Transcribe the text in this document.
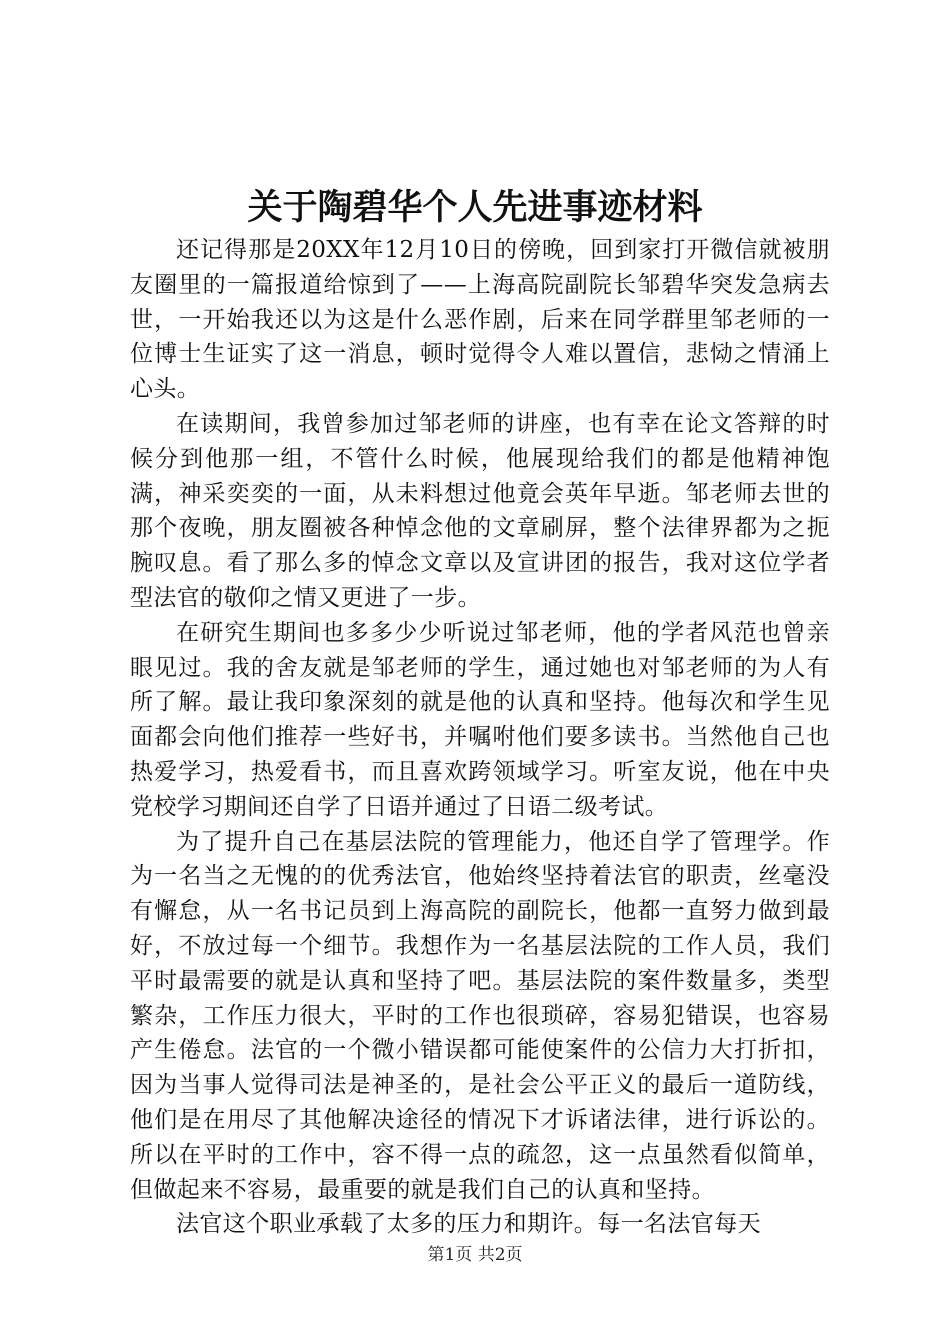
关于陶碧华个人先进事迹材料

还记得那是20XX年12月10日的傍晚，回到家打开微信就被朋友圈里的一篇报道给惊到了——上海高院副院长邹碧华突发急病去世，一开始我还以为这是什么恶作剧，后来在同学群里邹老师的一位博士生证实了这一消息，顿时觉得令人难以置信，悲恸之情涌上心头。

在读期间，我曾参加过邹老师的讲座，也有幸在论文答辩的时候分到他那一组，不管什么时候，他展现给我们的都是他精神饱满，神采奕奕的一面，从未料想过他竟会英年早逝。邹老师去世的那个夜晚，朋友圈被各种悼念他的文章刷屏，整个法律界都为之扼腕叹息。看了那么多的悼念文章以及宣讲团的报告，我对这位学者型法官的敬仰之情又更进了一步。

在研究生期间也多多少少听说过邹老师，他的学者风范也曾亲眼见过。我的舍友就是邹老师的学生，通过她也对邹老师的为人有所了解。最让我印象深刻的就是他的认真和坚持。他每次和学生见面都会向他们推荐一些好书，并嘱咐他们要多读书。当然他自己也热爱学习，热爱看书，而且喜欢跨领域学习。听室友说，他在中央党校学习期间还自学了日语并通过了日语二级考试。

为了提升自己在基层法院的管理能力，他还自学了管理学。作为一名当之无愧的的优秀法官，他始终坚持着法官的职责，丝毫没有懈怠，从一名书记员到上海高院的副院长，他都一直努力做到最好，不放过每一个细节。我想作为一名基层法院的工作人员，我们平时最需要的就是认真和坚持了吧。基层法院的案件数量多，类型繁杂，工作压力很大，平时的工作也很琐碎，容易犯错误，也容易产生倦怠。法官的一个微小错误都可能使案件的公信力大打折扣，因为当事人觉得司法是神圣的，是社会公平正义的最后一道防线，他们是在用尽了其他解决途径的情况下才诉诸法律，进行诉讼的。所以在平时的工作中，容不得一点的疏忽，这一点虽然看似简单，但做起来不容易，最重要的就是我们自己的认真和坚持。

法官这个职业承载了太多的压力和期许。每一名法官每天

第1页 共2页
